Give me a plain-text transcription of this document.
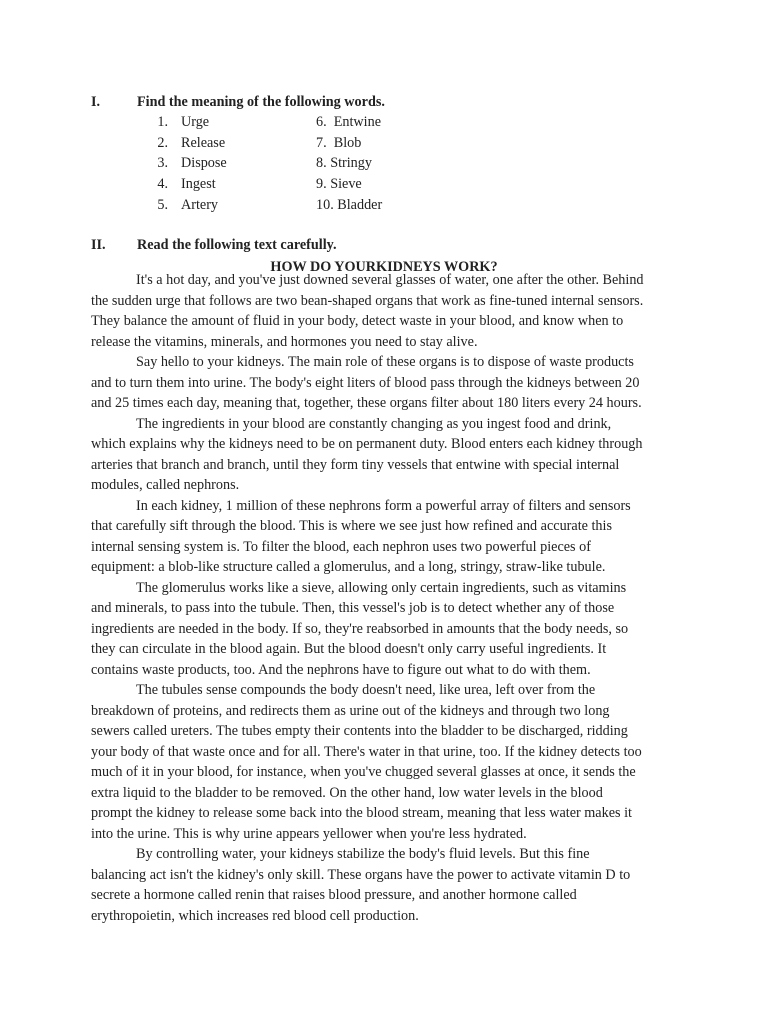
I.	Find the meaning of the following words.
1. Urge
2. Release
3. Dispose
4. Ingest
5. Artery
6.  Entwine
7.  Blob
8. Stringy
9. Sieve
10. Bladder
II. Read the following text carefully.
HOW DO YOURKIDNEYS WORK?
It's a hot day, and you've just downed several glasses of water, one after the other. Behind
the sudden urge that follows are two bean-shaped organs that work as fine-tuned internal sensors.
They balance the amount of fluid in your body, detect waste in your blood, and know when to
release the vitamins, minerals, and hormones you need to stay alive.
Say hello to your kidneys. The main role of these organs is to dispose of waste products
and to turn them into urine. The body's eight liters of blood pass through the kidneys between 20
and 25 times each day, meaning that, together, these organs filter about 180 liters every 24 hours.
The ingredients in your blood are constantly changing as you ingest food and drink,
which explains why the kidneys need to be on permanent duty. Blood enters each kidney through
arteries that branch and branch, until they form tiny vessels that entwine with special internal
modules, called nephrons.
In each kidney, 1 million of these nephrons form a powerful array of filters and sensors
that carefully sift through the blood. This is where we see just how refined and accurate this
internal sensing system is. To filter the blood, each nephron uses two powerful pieces of
equipment: a blob-like structure called a glomerulus, and a long, stringy, straw-like tubule.
The glomerulus works like a sieve, allowing only certain ingredients, such as vitamins
and minerals, to pass into the tubule. Then, this vessel's job is to detect whether any of those
ingredients are needed in the body. If so, they're reabsorbed in amounts that the body needs, so
they can circulate in the blood again. But the blood doesn't only carry useful ingredients. It
contains waste products, too. And the nephrons have to figure out what to do with them.
The tubules sense compounds the body doesn't need, like urea, left over from the
breakdown of proteins, and redirects them as urine out of the kidneys and through two long
sewers called ureters. The tubes empty their contents into the bladder to be discharged, ridding
your body of that waste once and for all. There's water in that urine, too. If the kidney detects too
much of it in your blood, for instance, when you've chugged several glasses at once, it sends the
extra liquid to the bladder to be removed. On the other hand, low water levels in the blood
prompt the kidney to release some back into the blood stream, meaning that less water makes it
into the urine. This is why urine appears yellower when you're less hydrated.
By controlling water, your kidneys stabilize the body's fluid levels. But this fine
balancing act isn't the kidney's only skill. These organs have the power to activate vitamin D to
secrete a hormone called renin that raises blood pressure, and another hormone called
erythropoietin, which increases red blood cell production.
